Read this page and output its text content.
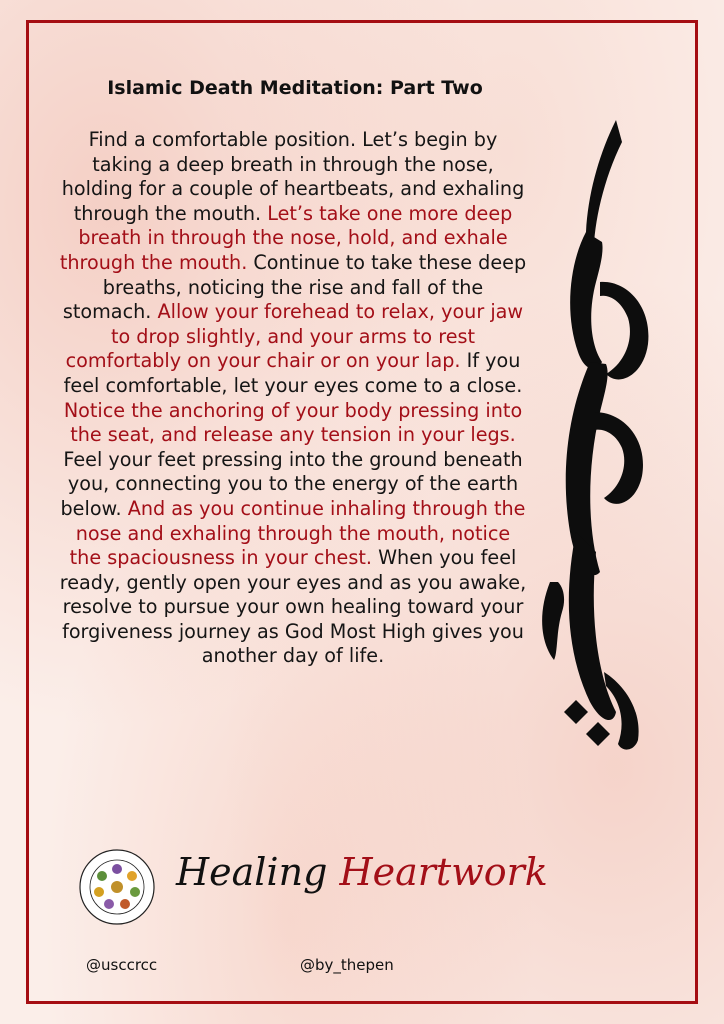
Islamic Death Meditation: Part Two
Find a comfortable position. Let’s begin by taking a deep breath in through the nose, holding for a couple of heartbeats, and exhaling through the mouth. Let’s take one more deep breath in through the nose, hold, and exhale through the mouth. Continue to take these deep breaths, noticing the rise and fall of the stomach. Allow your forehead to relax, your jaw to drop slightly, and your arms to rest comfortably on your chair or on your lap. If you feel comfortable, let your eyes come to a close. Notice the anchoring of your body pressing into the seat, and release any tension in your legs. Feel your feet pressing into the ground beneath you, connecting you to the energy of the earth below. And as you continue inhaling through the nose and exhaling through the mouth, notice the spaciousness in your chest. When you feel ready, gently open your eyes and as you awake, resolve to pursue your own healing toward your forgiveness journey as God Most High gives you another day of life.
Healing Heartwork
@usccrcc	@by_thepen
